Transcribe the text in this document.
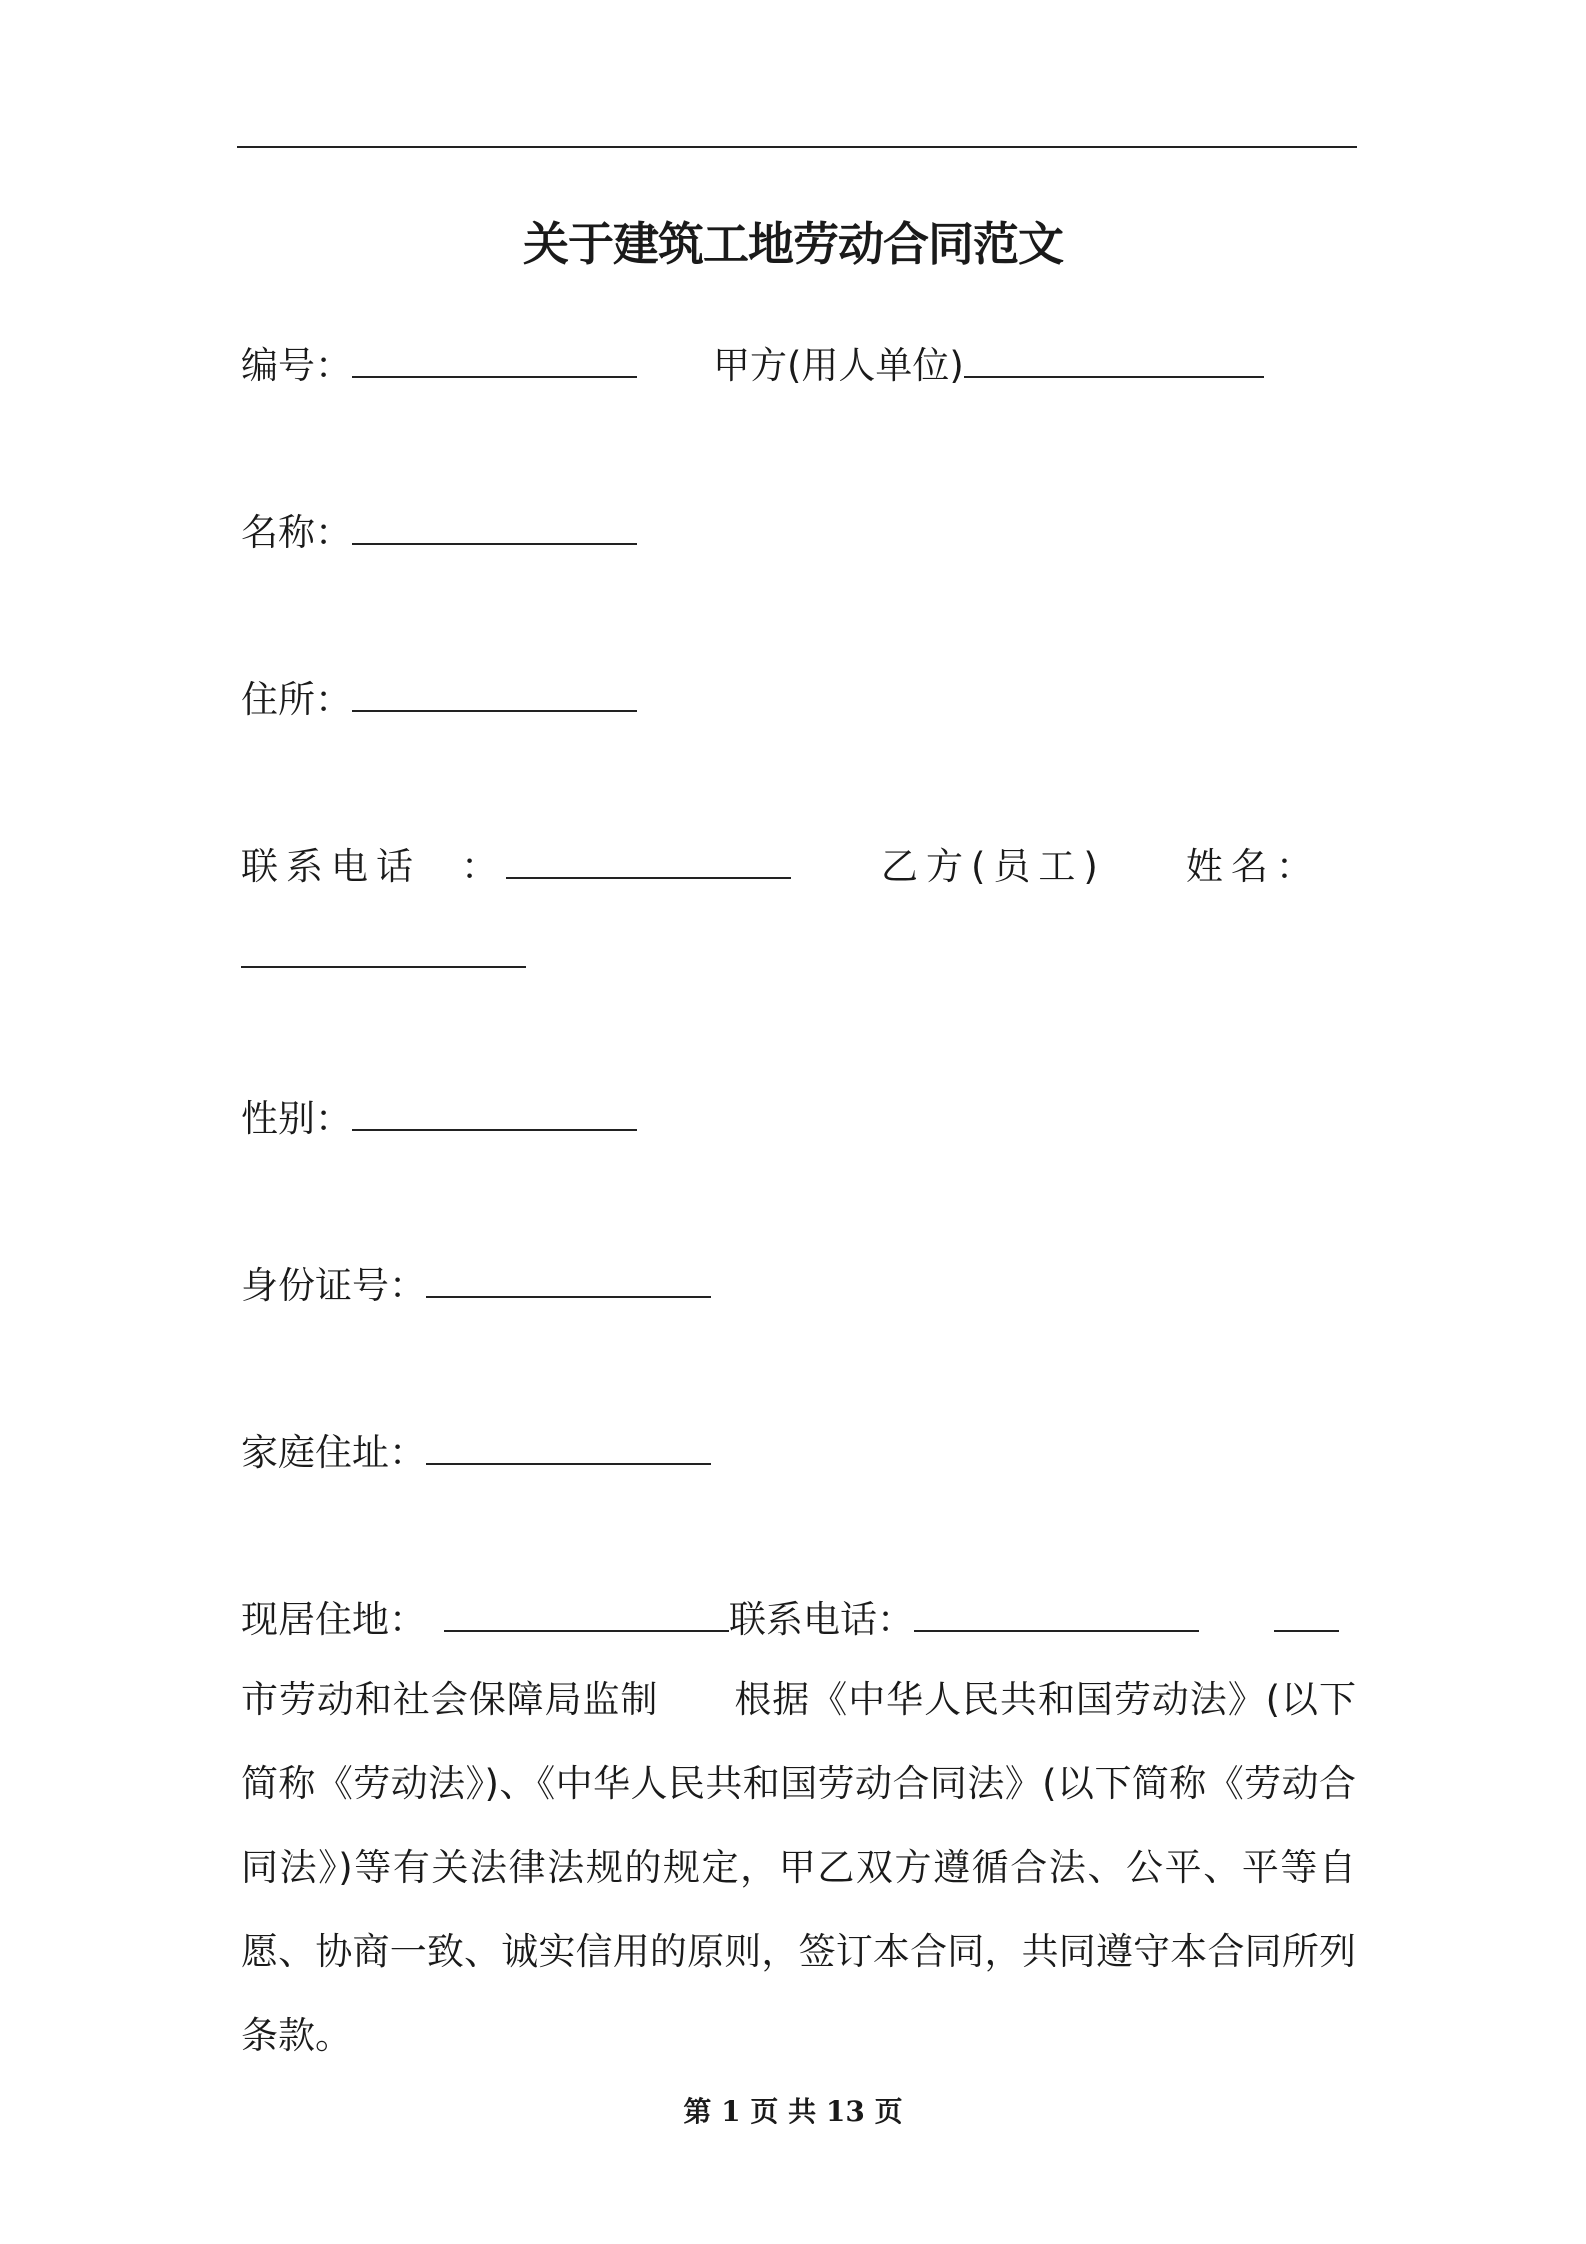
关于建筑工地劳动合同范文
编号：	甲方(用人单位)
名称：
住所：
联系电话 ：	乙方(员工) 姓名：
性别：
身份证号：
家庭住址：
现居住地：	联系电话：
市劳动和社会保障局监制　　根据《中华人民共和国劳动法》(以下简称《劳动法》)、《中华人民共和国劳动合同法》(以下简称《劳动合同法》)等有关法律法规的规定，甲乙双方遵循合法、公平、平等自愿、协商一致、诚实信用的原则，签订本合同，共同遵守本合同所列条款。
第 1 页 共 13 页
